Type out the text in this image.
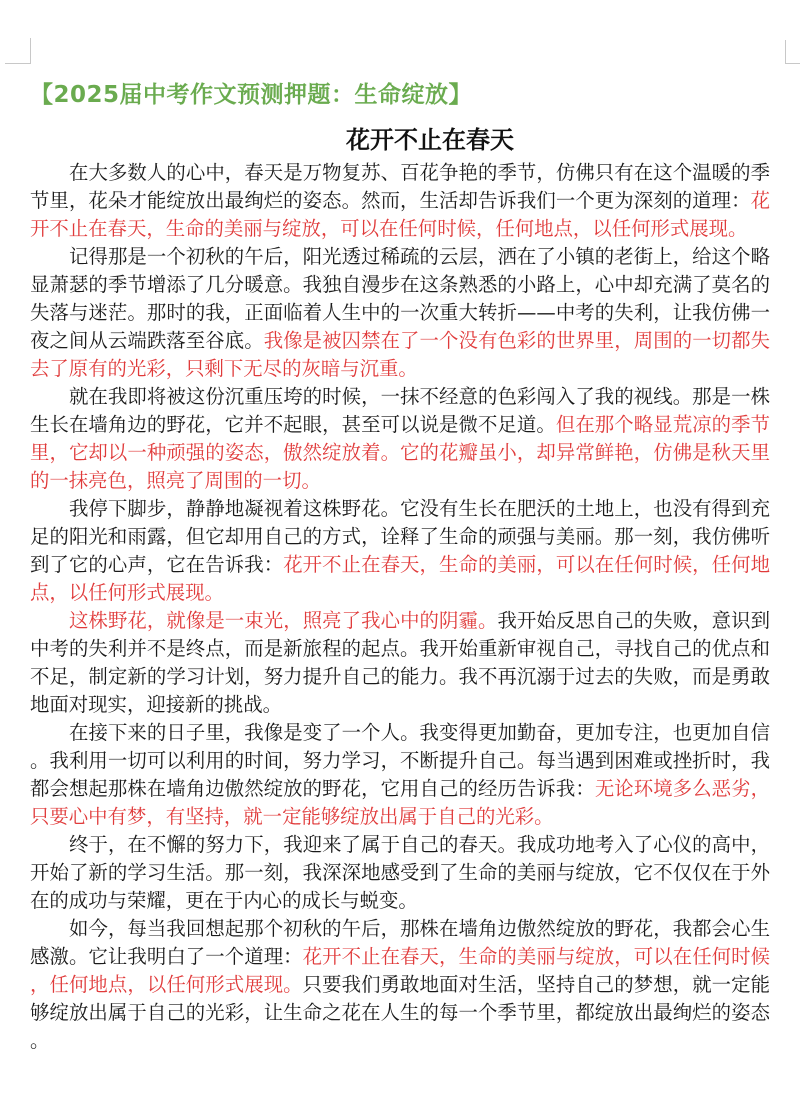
【2025届中考作文预测押题：生命绽放】
花开不止在春天
在大多数人的心中，春天是万物复苏、百花争艳的季节，仿佛只有在这个温暖的季
节里，花朵才能绽放出最绚烂的姿态。然而，生活却告诉我们一个更为深刻的道理：花
开不止在春天，生命的美丽与绽放，可以在任何时候，任何地点，以任何形式展现。
记得那是一个初秋的午后，阳光透过稀疏的云层，洒在了小镇的老街上，给这个略
显萧瑟的季节增添了几分暖意。我独自漫步在这条熟悉的小路上，心中却充满了莫名的
失落与迷茫。那时的我，正面临着人生中的一次重大转折——中考的失利，让我仿佛一
夜之间从云端跌落至谷底。我像是被囚禁在了一个没有色彩的世界里，周围的一切都失
去了原有的光彩，只剩下无尽的灰暗与沉重。
就在我即将被这份沉重压垮的时候，一抹不经意的色彩闯入了我的视线。那是一株
生长在墙角边的野花，它并不起眼，甚至可以说是微不足道。但在那个略显荒凉的季节
里，它却以一种顽强的姿态，傲然绽放着。它的花瓣虽小，却异常鲜艳，仿佛是秋天里
的一抹亮色，照亮了周围的一切。
我停下脚步，静静地凝视着这株野花。它没有生长在肥沃的土地上，也没有得到充
足的阳光和雨露，但它却用自己的方式，诠释了生命的顽强与美丽。那一刻，我仿佛听
到了它的心声，它在告诉我：花开不止在春天，生命的美丽，可以在任何时候，任何地
点，以任何形式展现。
这株野花，就像是一束光，照亮了我心中的阴霾。我开始反思自己的失败，意识到
中考的失利并不是终点，而是新旅程的起点。我开始重新审视自己，寻找自己的优点和
不足，制定新的学习计划，努力提升自己的能力。我不再沉溺于过去的失败，而是勇敢
地面对现实，迎接新的挑战。
在接下来的日子里，我像是变了一个人。我变得更加勤奋，更加专注，也更加自信
。我利用一切可以利用的时间，努力学习，不断提升自己。每当遇到困难或挫折时，我
都会想起那株在墙角边傲然绽放的野花，它用自己的经历告诉我：无论环境多么恶劣，
只要心中有梦，有坚持，就一定能够绽放出属于自己的光彩。
终于，在不懈的努力下，我迎来了属于自己的春天。我成功地考入了心仪的高中，
开始了新的学习生活。那一刻，我深深地感受到了生命的美丽与绽放，它不仅仅在于外
在的成功与荣耀，更在于内心的成长与蜕变。
如今，每当我回想起那个初秋的午后，那株在墙角边傲然绽放的野花，我都会心生
感激。它让我明白了一个道理：花开不止在春天，生命的美丽与绽放，可以在任何时候
，任何地点，以任何形式展现。只要我们勇敢地面对生活，坚持自己的梦想，就一定能
够绽放出属于自己的光彩，让生命之花在人生的每一个季节里，都绽放出最绚烂的姿态
。
